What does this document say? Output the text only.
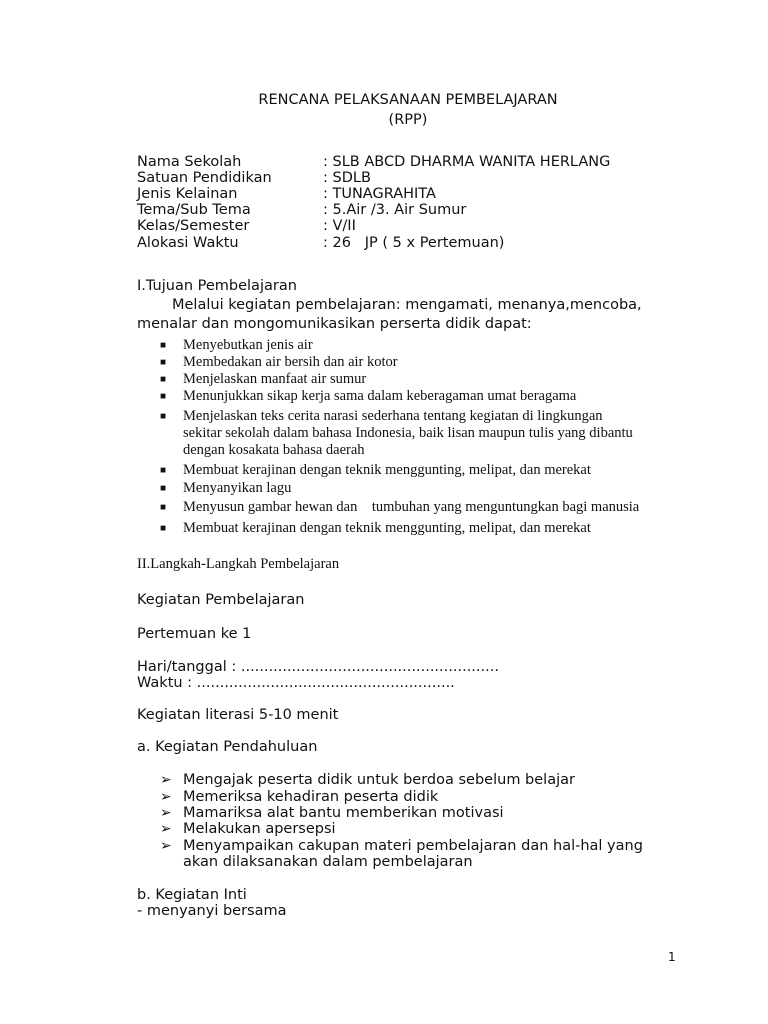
RENCANA PELAKSANAAN PEMBELAJARAN
(RPP)
Nama Sekolah	: SLB ABCD DHARMA WANITA HERLANG
Satuan Pendidikan	: SDLB
Jenis Kelainan	: TUNAGRAHITA
Tema/Sub Tema	: 5.Air /3. Air Sumur
Kelas/Semester	: V/II
Alokasi Waktu	: 26   JP ( 5 x Pertemuan)
I.Tujuan Pembelajaran
Melalui kegiatan pembelajaran: mengamati, menanya,mencoba,
menalar dan mongomunikasikan perserta didik dapat:
■ Menyebutkan jenis air
■ Membedakan air bersih dan air kotor
■ Menjelaskan manfaat air sumur
■ Menunjukkan sikap kerja sama dalam keberagaman umat beragama
■ Menjelaskan teks cerita narasi sederhana tentang kegiatan di lingkungan
sekitar sekolah dalam bahasa Indonesia, baik lisan maupun tulis yang dibantu
dengan kosakata bahasa daerah
■ Membuat kerajinan dengan teknik menggunting, melipat, dan merekat
■ Menyanyikan lagu
■ Menyusun gambar hewan dan    tumbuhan yang menguntungkan bagi manusia
■ Membuat kerajinan dengan teknik menggunting, melipat, dan merekat
II.Langkah-Langkah Pembelajaran
Kegiatan Pembelajaran
Pertemuan ke 1
Hari/tanggal : ........................................................
Waktu : ........................................................
Kegiatan literasi 5-10 menit
a. Kegiatan Pendahuluan
➢ Mengajak peserta didik untuk berdoa sebelum belajar
➢ Memeriksa kehadiran peserta didik
➢ Mamariksa alat bantu memberikan motivasi
➢ Melakukan apersepsi
➢ Menyampaikan cakupan materi pembelajaran dan hal-hal yang
akan dilaksanakan dalam pembelajaran
b. Kegiatan Inti
- menyanyi bersama
1
